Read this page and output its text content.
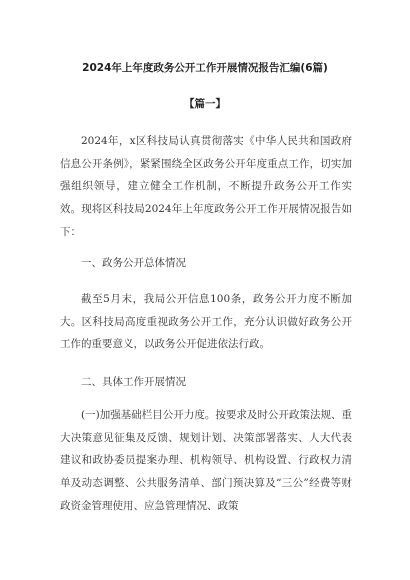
2024年上年度政务公开工作开展情况报告汇编(6篇)
【篇一】

2024年，x区科技局认真贯彻落实《中华人民共和国政府信息公开条例》，紧紧围绕全区政务公开年度重点工作，切实加强组织领导，建立健全工作机制，不断提升政务公开工作实效。现将区科技局2024年上年度政务公开工作开展情况报告如下：

一、政务公开总体情况

截至5月末，我局公开信息100条，政务公开力度不断加大。区科技局高度重视政务公开工作，充分认识做好政务公开工作的重要意义，以政务公开促进依法行政。

二、具体工作开展情况

(一)加强基础栏目公开力度。按要求及时公开政策法规、重大决策意见征集及反馈、规划计划、决策部署落实、人大代表建议和政协委员提案办理、机构领导、机构设置、行政权力清单及动态调整、公共服务清单、部门预决算及“三公”经费等财政资金管理使用、应急管理情况、政策
